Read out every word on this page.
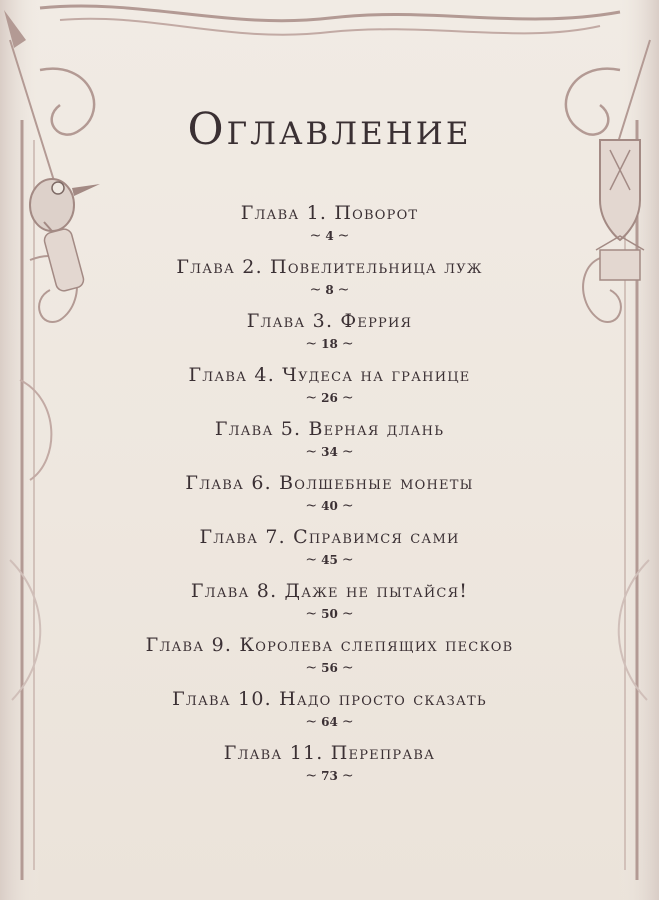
Оглавление
Глава 1. Поворот
~ 4 ~
Глава 2. Повелительница луж
~ 8 ~
Глава 3. Феррия
~ 18 ~
Глава 4. Чудеса на границе
~ 26 ~
Глава 5. Верная длань
~ 34 ~
Глава 6. Волшебные монеты
~ 40 ~
Глава 7. Справимся сами
~ 45 ~
Глава 8. Даже не пытайся!
~ 50 ~
Глава 9. Королева слепящих песков
~ 56 ~
Глава 10. Надо просто сказать
~ 64 ~
Глава 11. Переправа
~ 73 ~
